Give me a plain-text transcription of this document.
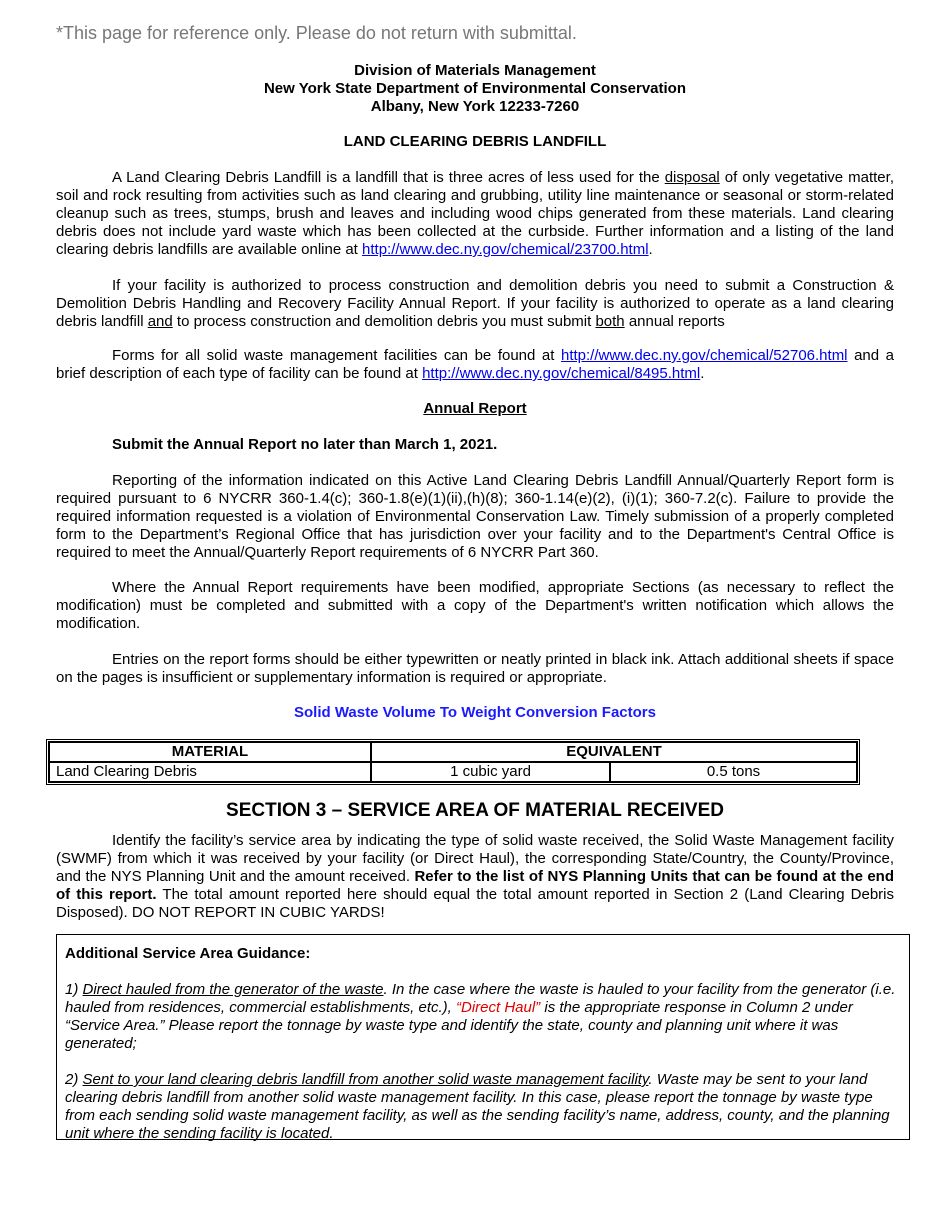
*This page for reference only. Please do not return with submittal.
Division of Materials Management
New York State Department of Environmental Conservation
Albany, New York 12233-7260
LAND CLEARING DEBRIS LANDFILL

A Land Clearing Debris Landfill is a landfill that is three acres of less used for the disposal of only vegetative matter, soil and rock resulting from activities such as land clearing and grubbing, utility line maintenance or seasonal or storm-related cleanup such as trees, stumps, brush and leaves and including wood chips generated from these materials. Land clearing debris does not include yard waste which has been collected at the curbside. Further information and a listing of the land clearing debris landfills are available online at http://www.dec.ny.gov/chemical/23700.html.

If your facility is authorized to process construction and demolition debris you need to submit a Construction & Demolition Debris Handling and Recovery Facility Annual Report. If your facility is authorized to operate as a land clearing debris landfill and to process construction and demolition debris you must submit both annual reports

Forms for all solid waste management facilities can be found at http://www.dec.ny.gov/chemical/52706.html and a brief description of each type of facility can be found at http://www.dec.ny.gov/chemical/8495.html.

Annual Report
Submit the Annual Report no later than March 1, 2021.

Reporting of the information indicated on this Active Land Clearing Debris Landfill Annual/Quarterly Report form is required pursuant to 6 NYCRR 360-1.4(c); 360-1.8(e)(1)(ii),(h)(8); 360-1.14(e)(2), (i)(1); 360-7.2(c). Failure to provide the required information requested is a violation of Environmental Conservation Law. Timely submission of a properly completed form to the Department’s Regional Office that has jurisdiction over your facility and to the Department's Central Office is required to meet the Annual/Quarterly Report requirements of 6 NYCRR Part 360.

Where the Annual Report requirements have been modified, appropriate Sections (as necessary to reflect the modification) must be completed and submitted with a copy of the Department's written notification which allows the modification.

Entries on the report forms should be either typewritten or neatly printed in black ink. Attach additional sheets if space on the pages is insufficient or supplementary information is required or appropriate.

Solid Waste Volume To Weight Conversion Factors
MATERIAL	EQUIVALENT	
Land Clearing Debris	1 cubic yard	0.5 tons
SECTION 3 – SERVICE AREA OF MATERIAL RECEIVED

Identify the facility’s service area by indicating the type of solid waste received, the Solid Waste Management facility (SWMF) from which it was received by your facility (or Direct Haul), the corresponding State/Country, the County/Province, and the NYS Planning Unit and the amount received. Refer to the list of NYS Planning Units that can be found at the end of this report. The total amount reported here should equal the total amount reported in Section 2 (Land Clearing Debris Disposed). DO NOT REPORT IN CUBIC YARDS!

Additional Service Area Guidance:
1) Direct hauled from the generator of the waste. In the case where the waste is hauled to your facility from the generator (i.e. hauled from residences, commercial establishments, etc.), “Direct Haul” is the appropriate response in Column 2 under “Service Area.” Please report the tonnage by waste type and identify the state, county and planning unit where it was generated;
2) Sent to your land clearing debris landfill from another solid waste management facility. Waste may be sent to your land clearing debris landfill from another solid waste management facility. In this case, please report the tonnage by waste type from each sending solid waste management facility, as well as the sending facility’s name, address, county, and the planning unit where the sending facility is located.
